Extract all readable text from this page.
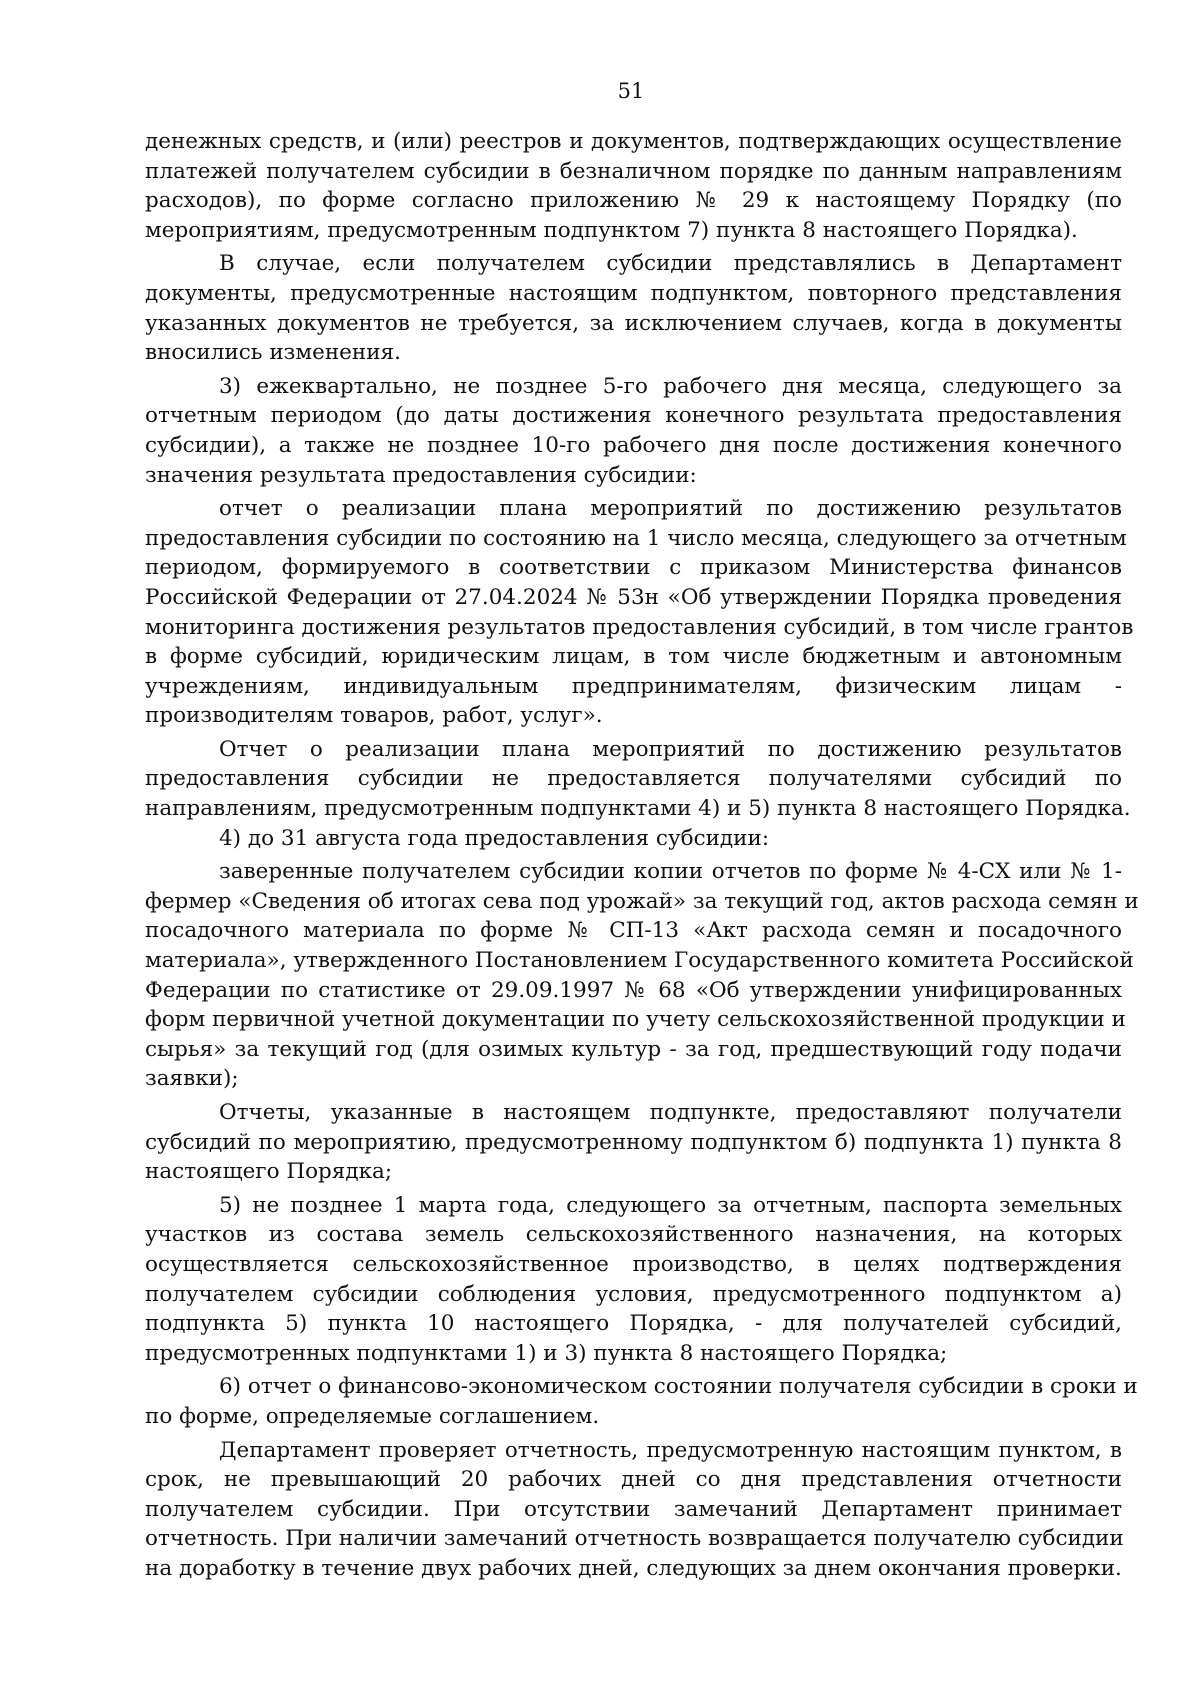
51
денежных средств, и (или) реестров и документов, подтверждающих осуществление
платежей получателем субсидии в безналичном порядке по данным направлениям
расходов), по форме согласно приложению № 29 к настоящему Порядку (по
мероприятиям, предусмотренным подпунктом 7) пункта 8 настоящего Порядка).
В случае, если получателем субсидии представлялись в Департамент
документы, предусмотренные настоящим подпунктом, повторного представления
указанных документов не требуется, за исключением случаев, когда в документы
вносились изменения.
3) ежеквартально, не позднее 5-го рабочего дня месяца, следующего за
отчетным периодом (до даты достижения конечного результата предоставления
субсидии), а также не позднее 10-го рабочего дня после достижения конечного
значения результата предоставления субсидии:
отчет о реализации плана мероприятий по достижению результатов
предоставления субсидии по состоянию на 1 число месяца, следующего за отчетным
периодом, формируемого в соответствии с приказом Министерства финансов
Российской Федерации от 27.04.2024 № 53н «Об утверждении Порядка проведения
мониторинга достижения результатов предоставления субсидий, в том числе грантов
в форме субсидий, юридическим лицам, в том числе бюджетным и автономным
учреждениям, индивидуальным предпринимателям, физическим лицам -
производителям товаров, работ, услуг».
Отчет о реализации плана мероприятий по достижению результатов
предоставления субсидии не предоставляется получателями субсидий по
направлениям, предусмотренным подпунктами 4) и 5) пункта 8 настоящего Порядка.
4) до 31 августа года предоставления субсидии:
заверенные получателем субсидии копии отчетов по форме № 4-СХ или № 1-
фермер «Сведения об итогах сева под урожай» за текущий год, актов расхода семян и
посадочного материала по форме № СП-13 «Акт расхода семян и посадочного
материала», утвержденного Постановлением Государственного комитета Российской
Федерации по статистике от 29.09.1997 № 68 «Об утверждении унифицированных
форм первичной учетной документации по учету сельскохозяйственной продукции и
сырья» за текущий год (для озимых культур - за год, предшествующий году подачи
заявки);
Отчеты, указанные в настоящем подпункте, предоставляют получатели
субсидий по мероприятию, предусмотренному подпунктом б) подпункта 1) пункта 8
настоящего Порядка;
5) не позднее 1 марта года, следующего за отчетным, паспорта земельных
участков из состава земель сельскохозяйственного назначения, на которых
осуществляется сельскохозяйственное производство, в целях подтверждения
получателем субсидии соблюдения условия, предусмотренного подпунктом а)
подпункта 5) пункта 10 настоящего Порядка, - для получателей субсидий,
предусмотренных подпунктами 1) и 3) пункта 8 настоящего Порядка;
6) отчет о финансово-экономическом состоянии получателя субсидии в сроки и
по форме, определяемые соглашением.
Департамент проверяет отчетность, предусмотренную настоящим пунктом, в
срок, не превышающий 20 рабочих дней со дня представления отчетности
получателем субсидии. При отсутствии замечаний Департамент принимает
отчетность. При наличии замечаний отчетность возвращается получателю субсидии
на доработку в течение двух рабочих дней, следующих за днем окончания проверки.
